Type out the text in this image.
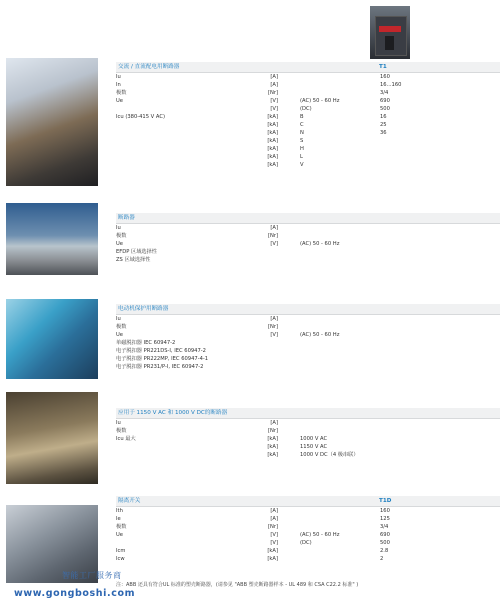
交流 / 直流配电用断路器	T1
Iu	[A]	160
In	[A]	16...160
极数	[Nr]	3/4
Ue	[V]	(AC) 50 - 60 Hz	690
[V]	(DC)	500
Icu (380-415 V AC)	[kA]	B	16
[kA]	C	25
[kA]	N	36
[kA]	S
[kA]	H
[kA]	L
[kA]	V
断路器
Iu	[A]
极数	[Nr]
Ue	[V]	(AC) 50 - 60 Hz
EFDP 区域选择性
ZS 区域选择性
电动机保护用断路器
Iu	[A]
极数	[Nr]
Ue	[V]	(AC) 50 - 60 Hz
单磁脱扣器 IEC 60947-2
电子脱扣器 PR221DS-I, IEC 60947-2
电子脱扣器 PR222MP, IEC 60947-4-1
电子脱扣器 PR231/P-I, IEC 60947-2
应用于 1150 V AC 和 1000 V DC的断路器
Iu	[A]
极数	[Nr]
Icu 最大	[kA]	1000 V AC
[kA]	1150 V AC
[kA]	1000 V DC（4 极串联）
隔离开关	T1D
Ith	[A]	160
Ie	[A]	125
极数	[Nr]	3/4
Ue	[V]	(AC) 50 - 60 Hz	690
[V]	(DC)	500
Icm	[kA]	2.8
Icw	[kA]	2
注：ABB 还具有符合UL 标准的塑壳断路器，(请参见 "ABB 塑壳断路器样本 - UL 489 和 CSA C22.2 标准" )
智能工厂服务商
www.gongboshi.com
